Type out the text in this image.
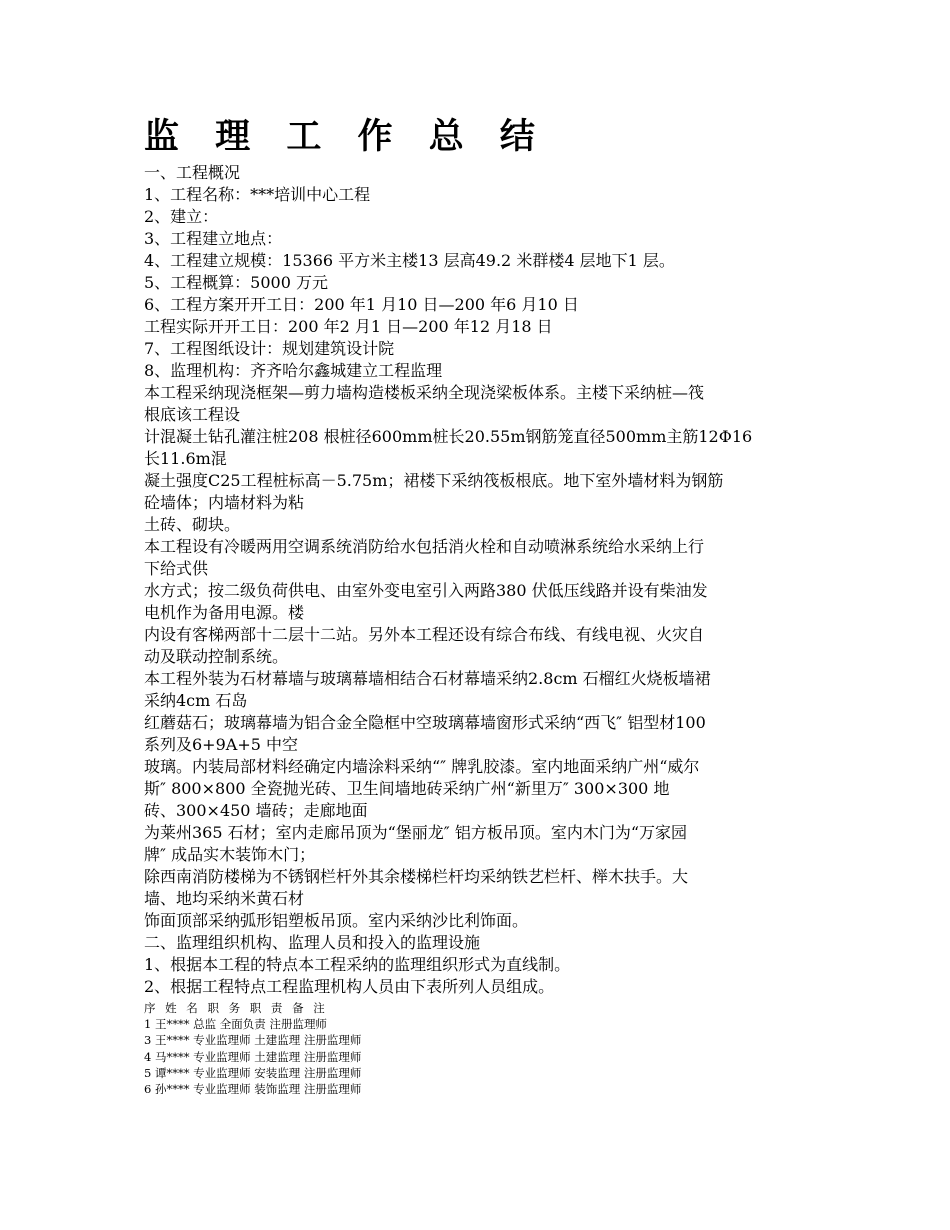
监 理 工 作 总 结
一、工程概况
1、工程名称：***培训中心工程
2、建立：
3、工程建立地点：
4、工程建立规模：15366 平方米主楼13 层高49.2 米群楼4 层地下1 层。
5、工程概算：5000 万元
6、工程方案开开工日：200 年1 月10 日—200 年6 月10 日
工程实际开开工日：200 年2 月1 日—200 年12 月18 日
7、工程图纸设计：规划建筑设计院
8、监理机构：齐齐哈尔鑫城建立工程监理
本工程采纳现浇框架—剪力墙构造楼板采纳全现浇梁板体系。主楼下采纳桩—筏
根底该工程设
计混凝土钻孔灌注桩208 根桩径600mm桩长20.55m钢筋笼直径500mm主筋12Φ16
长11.6m混
凝土强度C25工程桩标高－5.75m；裙楼下采纳筏板根底。地下室外墙材料为钢筋
砼墙体；内墙材料为粘
土砖、砌块。
本工程设有冷暖两用空调系统消防给水包括消火栓和自动喷淋系统给水采纳上行
下给式供
水方式；按二级负荷供电、由室外变电室引入两路380 伏低压线路并设有柴油发
电机作为备用电源。楼
内设有客梯两部十二层十二站。另外本工程还设有综合布线、有线电视、火灾自
动及联动控制系统。
本工程外装为石材幕墙与玻璃幕墙相结合石材幕墙采纳2.8cm 石榴红火烧板墙裙
采纳4cm 石岛
红蘑菇石；玻璃幕墙为铝合金全隐框中空玻璃幕墙窗形式采纳“西飞″ 铝型材100
系列及6+9A+5 中空
玻璃。内装局部材料经确定内墙涂料采纳“″ 牌乳胶漆。室内地面采纳广州“威尔
斯″ 800×800 全瓷抛光砖、卫生间墙地砖采纳广州“新里万″ 300×300 地
砖、300×450 墙砖；走廊地面
为莱州365 石材；室内走廊吊顶为“堡丽龙″ 铝方板吊顶。室内木门为“万家园
牌″ 成品实木装饰木门；
除西南消防楼梯为不锈钢栏杆外其余楼梯栏杆均采纳铁艺栏杆、榉木扶手。大
墙、地均采纳米黄石材
饰面顶部采纳弧形铝塑板吊顶。室内采纳沙比利饰面。
二、监理组织机构、监理人员和投入的监理设施
1、根据本工程的特点本工程采纳的监理组织形式为直线制。
2、根据工程特点工程监理机构人员由下表所列人员组成。
序 姓 名 职 务 职 责 备 注
1 王**** 总监 全面负责 注册监理师
3 王**** 专业监理师 土建监理 注册监理师
4 马**** 专业监理师 土建监理 注册监理师
5 谭**** 专业监理师 安装监理 注册监理师
6 孙**** 专业监理师 装饰监理 注册监理师
